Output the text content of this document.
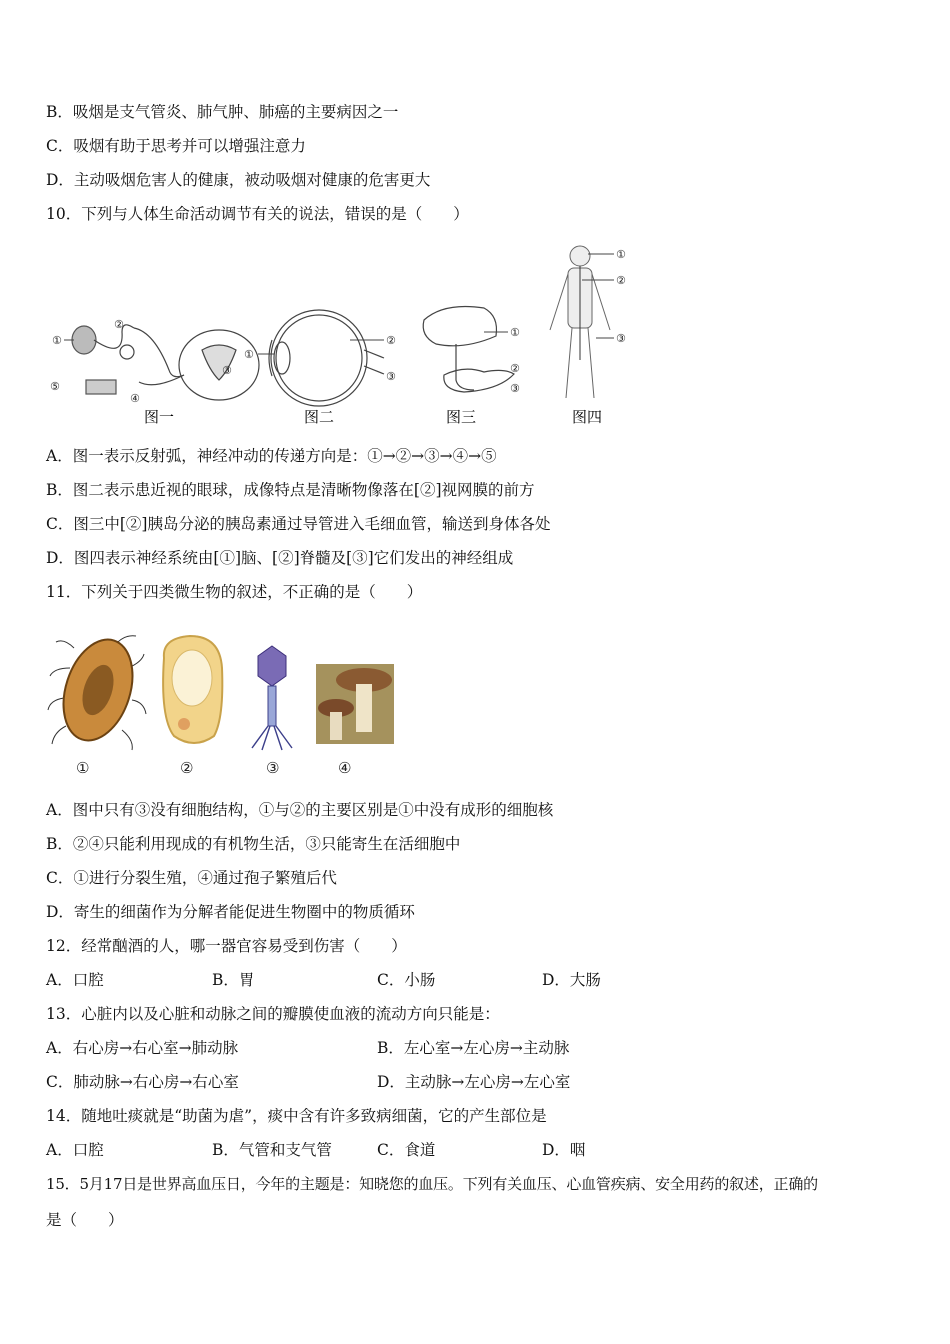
B．吸烟是支气管炎、肺气肿、肺癌的主要病因之一
C．吸烟有助于思考并可以增强注意力
D．主动吸烟危害人的健康，被动吸烟对健康的危害更大
10．下列与人体生命活动调节有关的说法，错误的是（　　）
①
②
③
④
⑤
图一
①
②
③
图二
①
②
③
图三
①
②
③
图四
A．图一表示反射弧，神经冲动的传递方向是：①→②→③→④→⑤
B．图二表示患近视的眼球，成像特点是清晰物像落在[②]视网膜的前方
C．图三中[②]胰岛分泌的胰岛素通过导管进入毛细血管，输送到身体各处
D．图四表示神经系统由[①]脑、[②]脊髓及[③]它们发出的神经组成
11．下列关于四类微生物的叙述，不正确的是（　　）
①	②	③	④
A．图中只有③没有细胞结构，①与②的主要区别是①中没有成形的细胞核
B．②④只能利用现成的有机物生活，③只能寄生在活细胞中
C．①进行分裂生殖，④通过孢子繁殖后代
D．寄生的细菌作为分解者能促进生物圈中的物质循环
12．经常酗酒的人，哪一器官容易受到伤害（　　）
A．口腔	B．胃	C．小肠	D．大肠
13．心脏内以及心脏和动脉之间的瓣膜使血液的流动方向只能是：
A．右心房→右心室→肺动脉	B．左心室→左心房→主动脉
C．肺动脉→右心房→右心室	D．主动脉→左心房→左心室
14．随地吐痰就是“助菌为虐”，痰中含有许多致病细菌，它的产生部位是
A．口腔	B．气管和支气管	C．食道	D．咽
15．5月17日是世界高血压日，今年的主题是：知晓您的血压。下列有关血压、心血管疾病、安全用药的叙述，正确的
是（　　）
